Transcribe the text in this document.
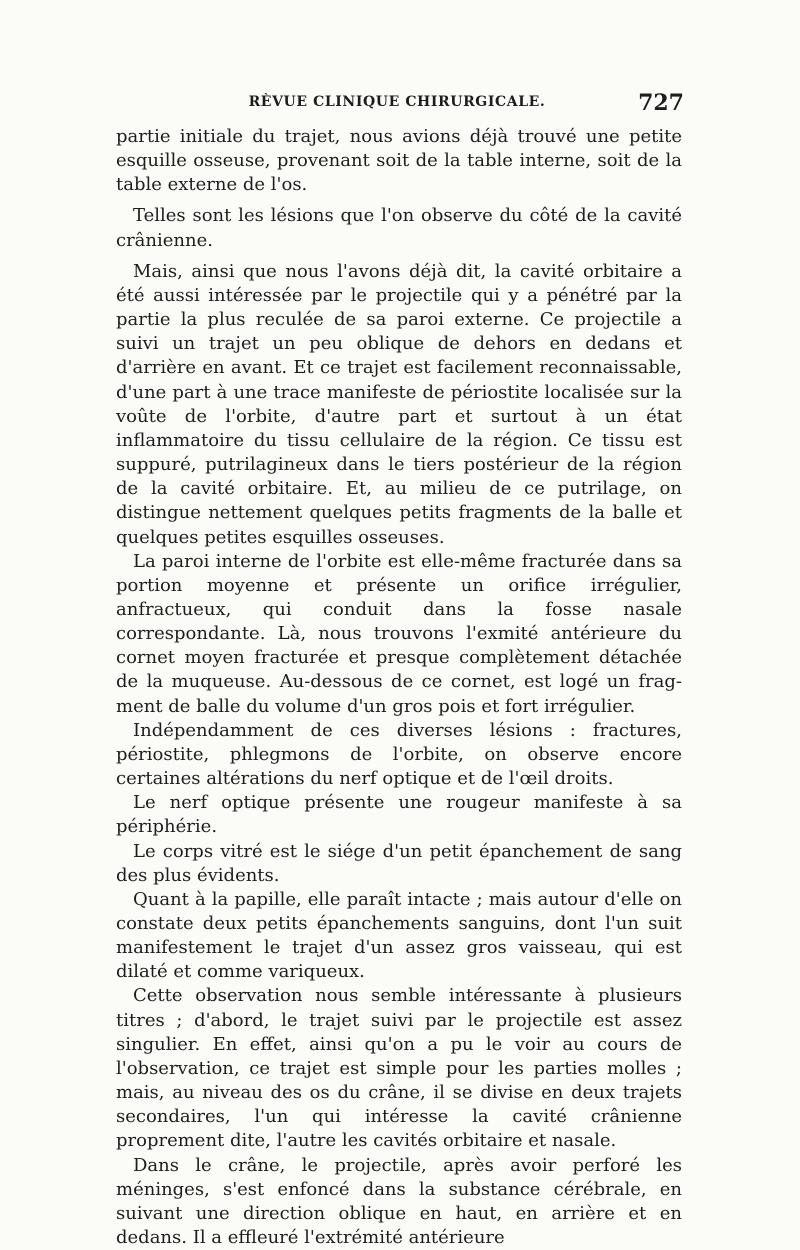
RÈVUE CLINIQUE CHIRURGICALE.	727

partie initiale du trajet, nous avions déjà trouvé une petite esquille osseuse, provenant soit de la table interne, soit de la table externe de l'os.

Telles sont les lésions que l'on observe du côté de la cavité crânienne.

Mais, ainsi que nous l'avons déjà dit, la cavité orbitaire a été aussi intéressée par le projectile qui y a pénétré par la partie la plus reculée de sa paroi externe. Ce projectile a suivi un trajet un peu oblique de dehors en dedans et d'arrière en avant. Et ce trajet est facilement reconnaissable, d'une part à une trace manifeste de périostite localisée sur la voûte de l'orbite, d'autre part et surtout à un état inflammatoire du tissu cellulaire de la région. Ce tissu est suppuré, putrilagineux dans le tiers postérieur de la région de la cavité orbitaire. Et, au milieu de ce putrilage, on distingue nettement quelques petits fragments de la balle et quelques petites esquilles osseuses.

La paroi interne de l'orbite est elle-même fracturée dans sa portion moyenne et présente un orifice irrégulier, anfractueux, qui conduit dans la fosse nasale correspondante. Là, nous trouvons l'exmité antérieure du cornet moyen fracturée et presque complètement détachée de la muqueuse. Au-dessous de ce cornet, est logé un fragment de balle du volume d'un gros pois et fort irrégulier.

Indépendamment de ces diverses lésions : fractures, périostite, phlegmons de l'orbite, on observe encore certaines altérations du nerf optique et de l'œil droits.

Le nerf optique présente une rougeur manifeste à sa périphérie.

Le corps vitré est le siége d'un petit épanchement de sang des plus évidents.

Quant à la papille, elle paraît intacte ; mais autour d'elle on constate deux petits épanchements sanguins, dont l'un suit manifestement le trajet d'un assez gros vaisseau, qui est dilaté et comme variqueux.

Cette observation nous semble intéressante à plusieurs titres ; d'abord, le trajet suivi par le projectile est assez singulier. En effet, ainsi qu'on a pu le voir au cours de l'observation, ce trajet est simple pour les parties molles ; mais, au niveau des os du crâne, il se divise en deux trajets secondaires, l'un qui intéresse la cavité crânienne proprement dite, l'autre les cavités orbitaire et nasale.

Dans le crâne, le projectile, après avoir perforé les méninges, s'est enfoncé dans la substance cérébrale, en suivant une direction oblique en haut, en arrière et en dedans. Il a effleuré l'extrémité antérieure
